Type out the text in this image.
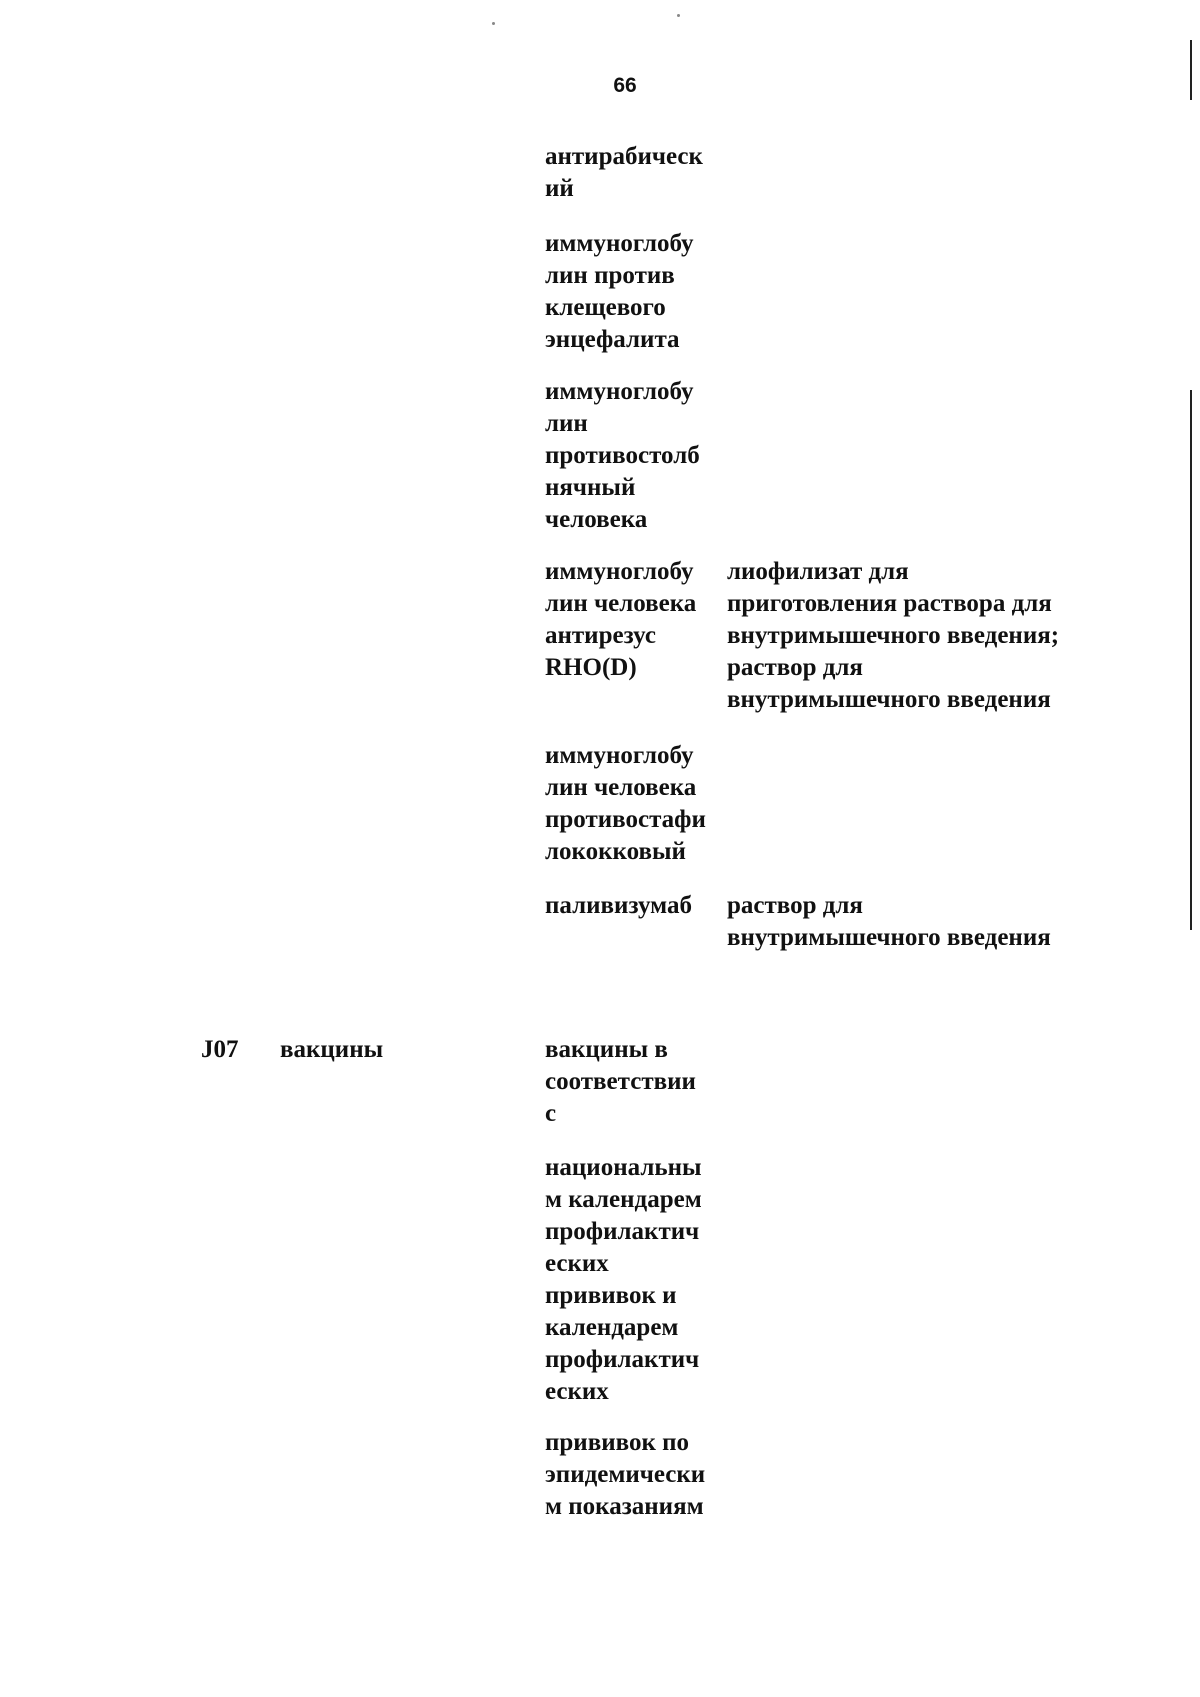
66
антирабическ
ий
иммуноглобу
лин против
клещевого
энцефалита
иммуноглобу
лин
противостолб
нячный
человека
иммуноглобу
лин человека
антирезус
RHO(D)
лиофилизат для
приготовления раствора для
внутримышечного введения;
раствор для
внутримышечного введения
иммуноглобу
лин человека
противостафи
лококковый
паливизумаб раствор для
внутримышечного введения
J07 вакцины	вакцины в
соответствии
с
национальны
м календарем
профилактич
еских
прививок и
календарем
профилактич
еских
прививок по
эпидемически
м показаниям
